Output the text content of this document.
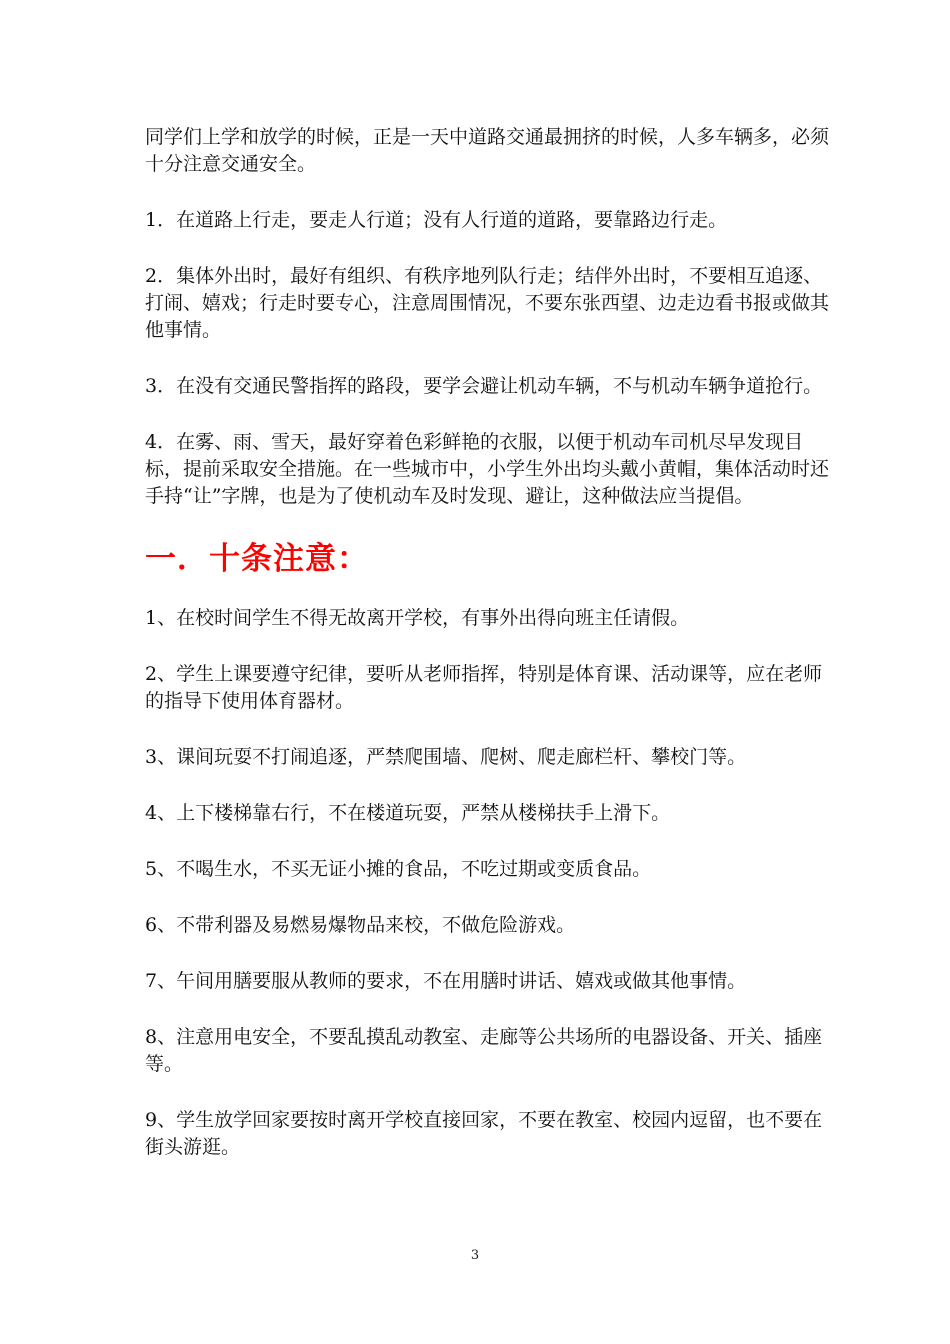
同学们上学和放学的时候，正是一天中道路交通最拥挤的时候，人多车辆多，必须十分注意交通安全。

1．在道路上行走，要走人行道；没有人行道的道路，要靠路边行走。

2．集体外出时，最好有组织、有秩序地列队行走；结伴外出时，不要相互追逐、打闹、嬉戏；行走时要专心，注意周围情况，不要东张西望、边走边看书报或做其他事情。

3．在没有交通民警指挥的路段，要学会避让机动车辆，不与机动车辆争道抢行。

4．在雾、雨、雪天，最好穿着色彩鲜艳的衣服，以便于机动车司机尽早发现目标，提前采取安全措施。在一些城市中，小学生外出均头戴小黄帽，集体活动时还手持“让”字牌，也是为了使机动车及时发现、避让，这种做法应当提倡。

一．十条注意：

1、在校时间学生不得无故离开学校，有事外出得向班主任请假。

2、学生上课要遵守纪律，要听从老师指挥，特别是体育课、活动课等，应在老师的指导下使用体育器材。

3、课间玩耍不打闹追逐，严禁爬围墙、爬树、爬走廊栏杆、攀校门等。

4、上下楼梯靠右行，不在楼道玩耍，严禁从楼梯扶手上滑下。

5、不喝生水，不买无证小摊的食品，不吃过期或变质食品。

6、不带利器及易燃易爆物品来校，不做危险游戏。

7、午间用膳要服从教师的要求，不在用膳时讲话、嬉戏或做其他事情。

8、注意用电安全，不要乱摸乱动教室、走廊等公共场所的电器设备、开关、插座等。

9、学生放学回家要按时离开学校直接回家，不要在教室、校园内逗留，也不要在街头游逛。

3
